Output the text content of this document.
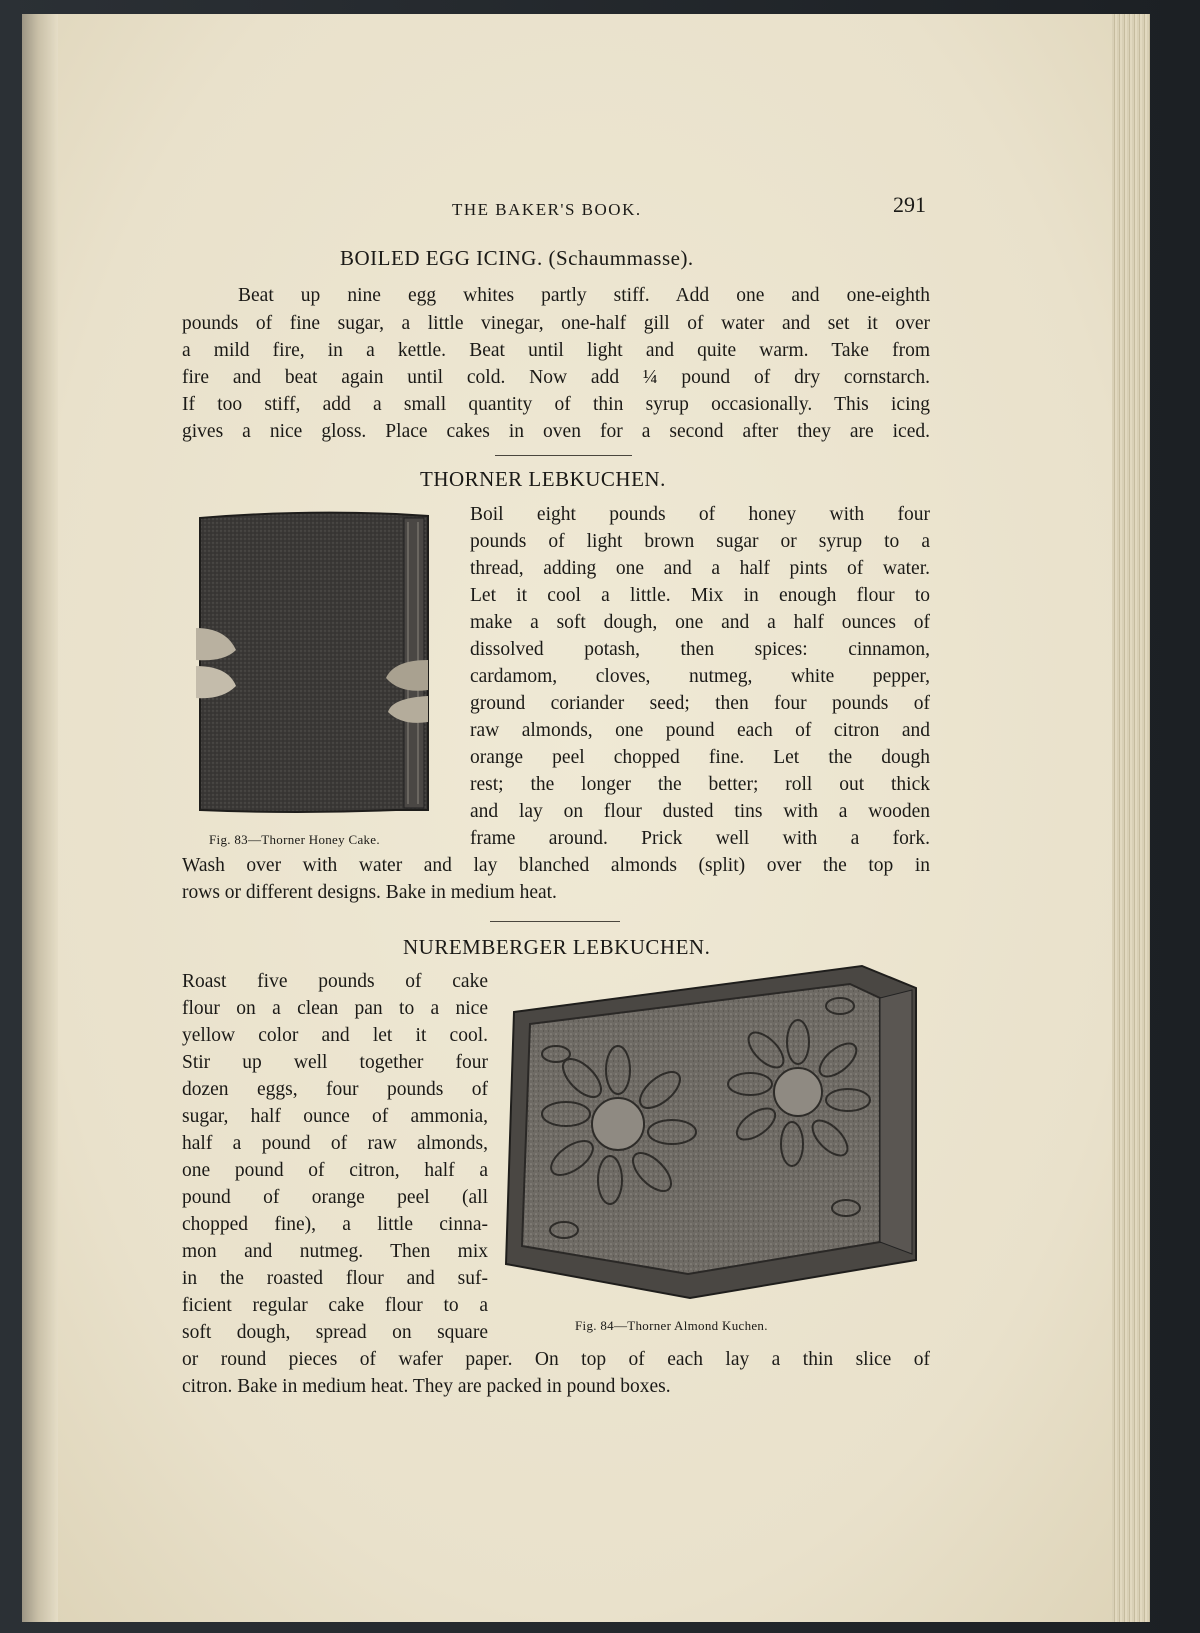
THE BAKER'S BOOK.	291
BOILED EGG ICING. (Schaummasse).
Beat up nine egg whites partly stiff. Add one and one-eighth
pounds of fine sugar, a little vinegar, one-half gill of water and set it over
a mild fire, in a kettle. Beat until light and quite warm. Take from
fire and beat again until cold. Now add ¼ pound of dry cornstarch.
If too stiff, add a small quantity of thin syrup occasionally. This icing
gives a nice gloss. Place cakes in oven for a second after they are iced.
THORNER LEBKUCHEN.
Fig. 83—Thorner Honey Cake.
Boil eight pounds of honey with four
pounds of light brown sugar or syrup to a
thread, adding one and a half pints of water.
Let it cool a little. Mix in enough flour to
make a soft dough, one and a half ounces of
dissolved potash, then spices: cinnamon,
cardamom, cloves, nutmeg, white pepper,
ground coriander seed; then four pounds of
raw almonds, one pound each of citron and
orange peel chopped fine. Let the dough
rest; the longer the better; roll out thick
and lay on flour dusted tins with a wooden
frame around. Prick well with a fork.
Wash over with water and lay blanched almonds (split) over the top in
rows or different designs. Bake in medium heat.
NUREMBERGER LEBKUCHEN.
Roast five pounds of cake
flour on a clean pan to a nice
yellow color and let it cool.
Stir up well together four
dozen eggs, four pounds of
sugar, half ounce of ammonia,
half a pound of raw almonds,
one pound of citron, half a
pound of orange peel (all
chopped fine), a little cinna-
mon and nutmeg. Then mix
in the roasted flour and suf-
ficient regular cake flour to a
soft dough, spread on square
or round pieces of wafer paper. On top of each lay a thin slice of
citron. Bake in medium heat. They are packed in pound boxes.
Fig. 84—Thorner Almond Kuchen.
